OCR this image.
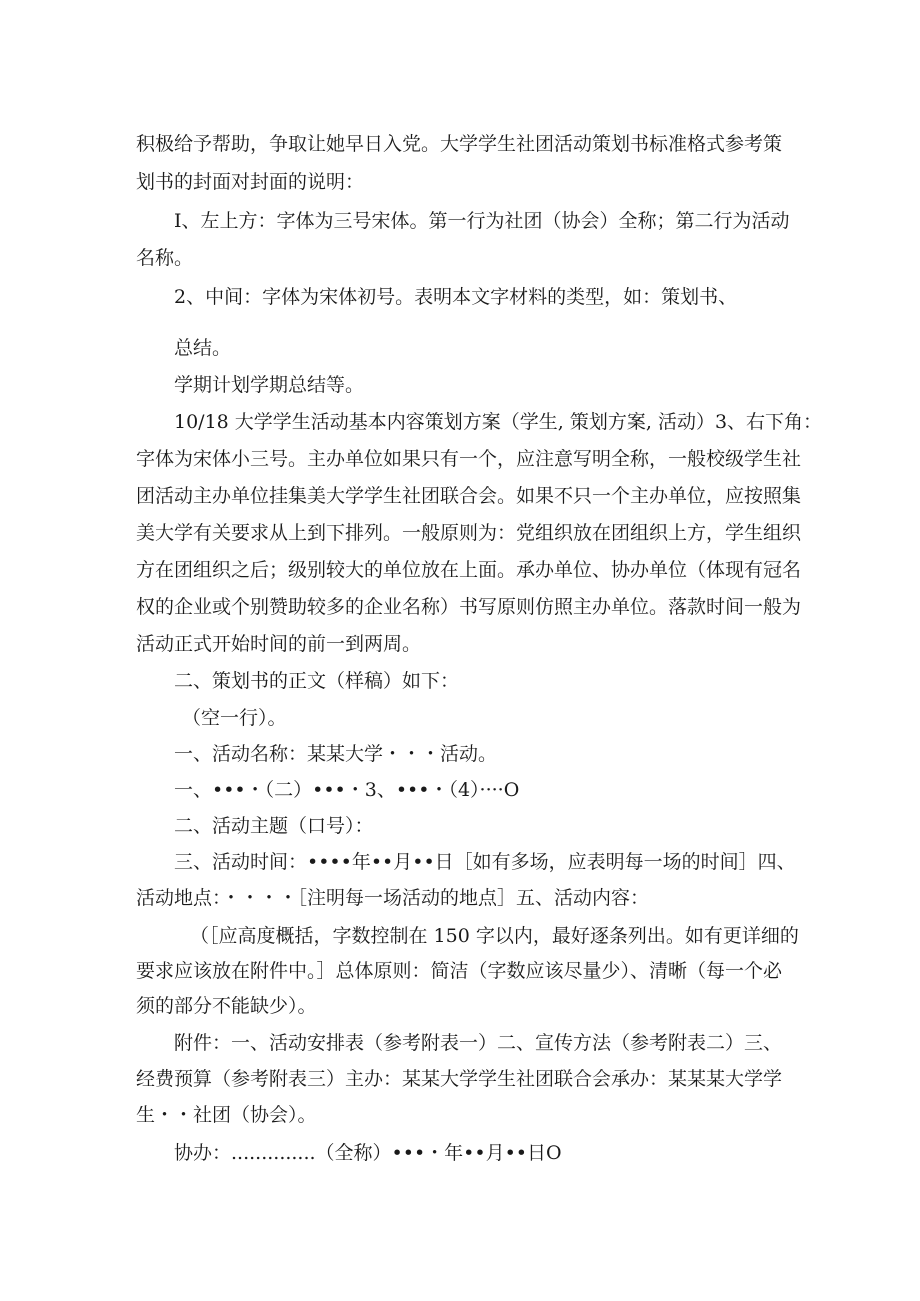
积极给予帮助，争取让她早日入党。大学学生社团活动策划书标准格式参考策
划书的封面对封面的说明：
I、左上方：字体为三号宋体。第一行为社团（协会）全称；第二行为活动
名称。
2、中间：字体为宋体初号。表明本文字材料的类型，如：策划书、
总结。
学期计划学期总结等。
10/18 大学学生活动基本内容策划方案（学生, 策划方案, 活动）3、右下角：
字体为宋体小三号。主办单位如果只有一个，应注意写明全称，一般校级学生社
团活动主办单位挂集美大学学生社团联合会。如果不只一个主办单位，应按照集
美大学有关要求从上到下排列。一般原则为：党组织放在团组织上方，学生组织
方在团组织之后；级别较大的单位放在上面。承办单位、协办单位（体现有冠名
权的企业或个别赞助较多的企业名称）书写原则仿照主办单位。落款时间一般为
活动正式开始时间的前一到两周。
二、策划书的正文（样稿）如下：
（空一行）。
一、活动名称：某某大学・・・活动。
一、•••・（二）•••・3、•••・（4）····O
二、活动主题（口号）：
三、活动时间：••••年••月••日［如有多场，应表明每一场的时间］四、
活动地点：・・・・［注明每一场活动的地点］五、活动内容：
（［应高度概括，字数控制在 150 字以内，最好逐条列出。如有更详细的
要求应该放在附件中。］总体原则：简洁（字数应该尽量少）、清晰（每一个必
须的部分不能缺少）。
附件：一、活动安排表（参考附表一）二、宣传方法（参考附表二）三、
经费预算（参考附表三）主办：某某大学学生社团联合会承办：某某某大学学
生・・社团（协会）。
协办：..............（全称）•••・年••月••日O
